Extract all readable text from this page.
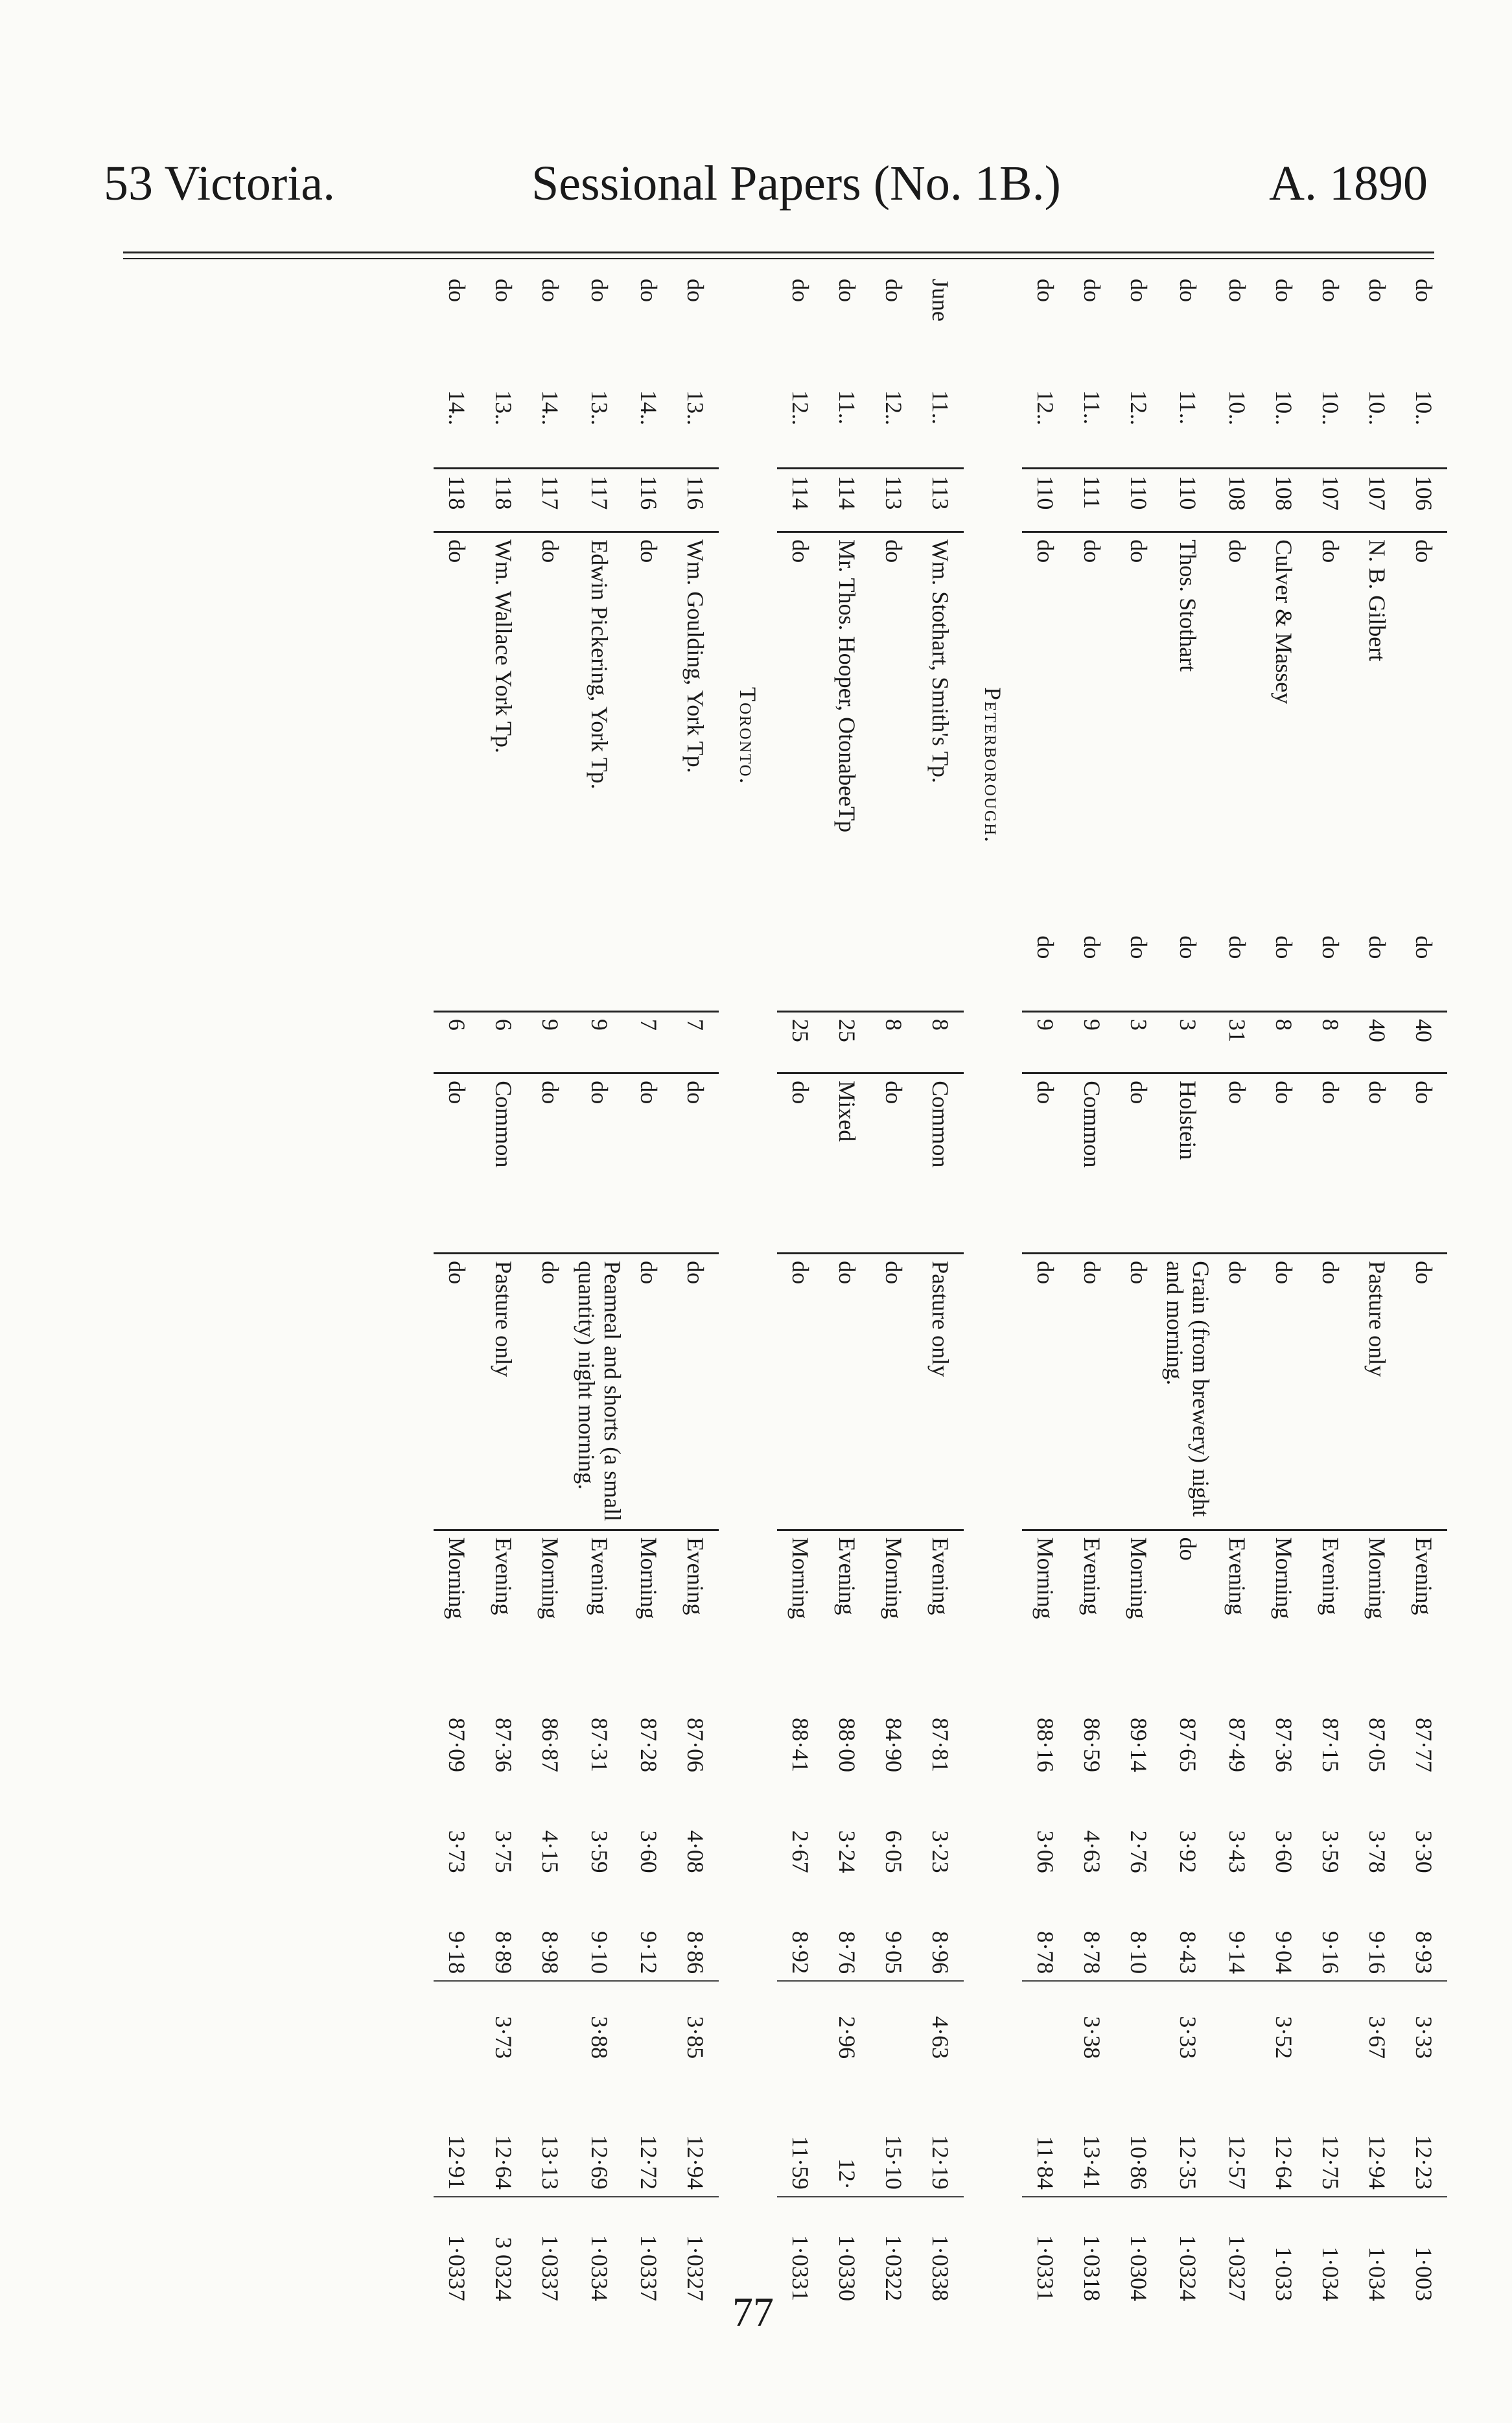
53 Victoria.	Sessional Papers (No. 1B.)	A. 1890
do	10..	106	do	do	40	do	do	Evening	87·77	3·30	8·93	3·33	12·23	1·003
do	10..	107	N. B. Gilbert	do	40	do	Pasture only	Morning	87·05	3·78	9·16	3·67	12·94	1·034
do	10..	107	do	do	8	do	do	Evening	87·15	3·59	9·16		12·75	1·034
do	10..	108	Culver & Massey	do	8	do	do	Morning	87·36	3·60	9·04	3·52	12·64	1·033
do	10..	108	do	do	31	do	do	Evening	87·49	3·43	9·14		12·57	1·0327
do	11..	110	Thos. Stothart	do	3	Holstein	Grain (from brewery) night and morning.	do	87·65	3·92	8·43	3·33	12·35	1·0324
do	12..	110	do	do	3	do	do	Morning	89·14	2·76	8·10		10·86	1·0304
do	11..	111	do	do	9	Common	do	Evening	86·59	4·63	8·78	3·38	13·41	1·0318
do	12..	110	do	do	9	do	do	Morning	88·16	3·06	8·78		11·84	1·0331
Peterborough.														
June	11..	113	Wm. Stothart, Smith's Tp.		8	Common	Pasture only	Evening	87·81	3·23	8·96	4·63	12·19	1·0338
do	12..	113	do		8	do	do	Morning	84·90	6·05	9·05		15·10	1·0322
do	11..	114	Mr. Thos. Hooper, OtonabeeTp		25	Mixed	do	Evening	88·00	3·24	8·76	2·96	12·	1·0330
do	12..	114	do		25	do	do	Morning	88·41	2·67	8·92		11·59	1·0331
Toronto.														
do	13..	116	Wm. Goulding, York Tp.		7	do	do	Evening	87·06	4·08	8·86	3·85	12·94	1·0327
do	14..	116	do		7	do	do	Morning	87·28	3·60	9·12		12·72	1·0337
do	13..	117	Edwin Pickering, York Tp.		9	do	Peameal and shorts (a small quantity) night morning.	Evening	87·31	3·59	9·10	3·88	12·69	1·0334
do	14..	117	do		9	do	do	Morning	86·87	4·15	8·98		13·13	1·0337
do	13..	118	Wm. Wallace York Tp.		6	Common	Pasture only	Evening	87·36	3·75	8·89	3·73	12·64	3 0324
do	14..	118	do		6	do	do	Morning	87·09	3·73	9·18		12·91	1·0337
77
